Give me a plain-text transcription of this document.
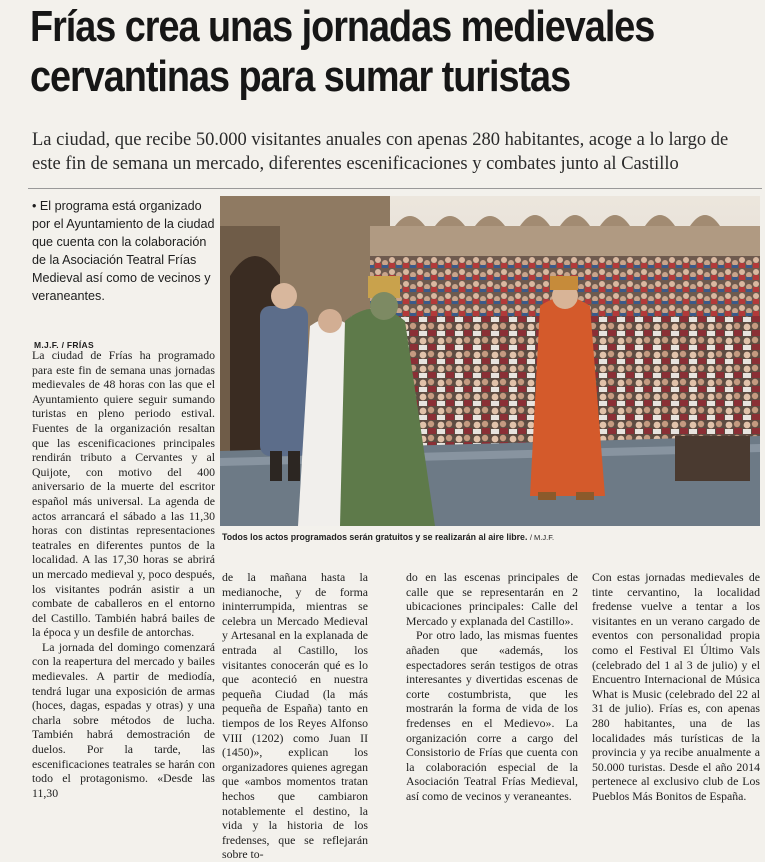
Frías crea unas jornadas medievales
cervantinas para sumar turistas
La ciudad, que recibe 50.000 visitantes anuales con apenas 280 habitantes, acoge a lo largo de este fin de semana un mercado, diferentes escenificaciones y combates junto al Castillo
• El programa está organizado por el Ayuntamiento de la ciudad que cuenta con la colaboración de la Asociación Teatral Frías Medieval así como de vecinos y veraneantes.
M.J.F. / FRÍAS
Todos los actos programados serán gratuitos y se realizarán al aire libre. / M.J.F.

La ciudad de Frías ha programado para este fin de semana unas jornadas medievales de 48 horas con las que el Ayuntamiento quiere seguir sumando turistas en pleno periodo estival. Fuentes de la organización resaltan que las escenificaciones principales rendirán tributo a Cervantes y al Quijote, con motivo del 400 aniversario de la muerte del escritor español más universal. La agenda de actos arrancará el sábado a las 11,30 horas con distintas representaciones teatrales en diferentes puntos de la localidad. A las 17,30 horas se abrirá un mercado medieval y, poco después, los visitantes podrán asistir a un combate de caballeros en el entorno del Castillo. También habrá bailes de la época y un desfile de antorchas.

La jornada del domingo comenzará con la reapertura del mercado y bailes medievales. A partir de mediodía, tendrá lugar una exposición de armas (hoces, dagas, espadas y otras) y una charla sobre métodos de lucha. También habrá demostración de duelos. Por la tarde, las escenificaciones teatrales se harán con todo el protagonismo. «Desde las 11,30

de la mañana hasta la medianoche, y de forma ininterrumpida, mientras se celebra un Mercado Medieval y Artesanal en la explanada de entrada al Castillo, los visitantes conocerán qué es lo que aconteció en nuestra pequeña Ciudad (la más pequeña de España) tanto en tiempos de los Reyes Alfonso VIII (1202) como Juan II (1450)», explican los organizadores quienes agregan que «ambos momentos tratan hechos que cambiaron notablemente el destino, la vida y la historia de los fredenses, que se reflejarán sobre to-

do en las escenas principales de calle que se representarán en 2 ubicaciones principales: Calle del Mercado y explanada del Castillo».

Por otro lado, las mismas fuentes añaden que «además, los espectadores serán testigos de otras interesantes y divertidas escenas de corte costumbrista, que les mostrarán la forma de vida de los fredenses en el Medievo». La organización corre a cargo del Consistorio de Frías que cuenta con la colaboración especial de la Asociación Teatral Frías Medieval, así como de vecinos y veraneantes.

Con estas jornadas medievales de tinte cervantino, la localidad fredense vuelve a tentar a los visitantes en un verano cargado de eventos con personalidad propia como el Festival El Último Vals (celebrado del 1 al 3 de julio) y el Encuentro Internacional de Música What is Music (celebrado del 22 al 31 de julio). Frías es, con apenas 280 habitantes, una de las localidades más turísticas de la provincia y ya recibe anualmente a 50.000 turistas. Desde el año 2014 pertenece al exclusivo club de Los Pueblos Más Bonitos de España.
